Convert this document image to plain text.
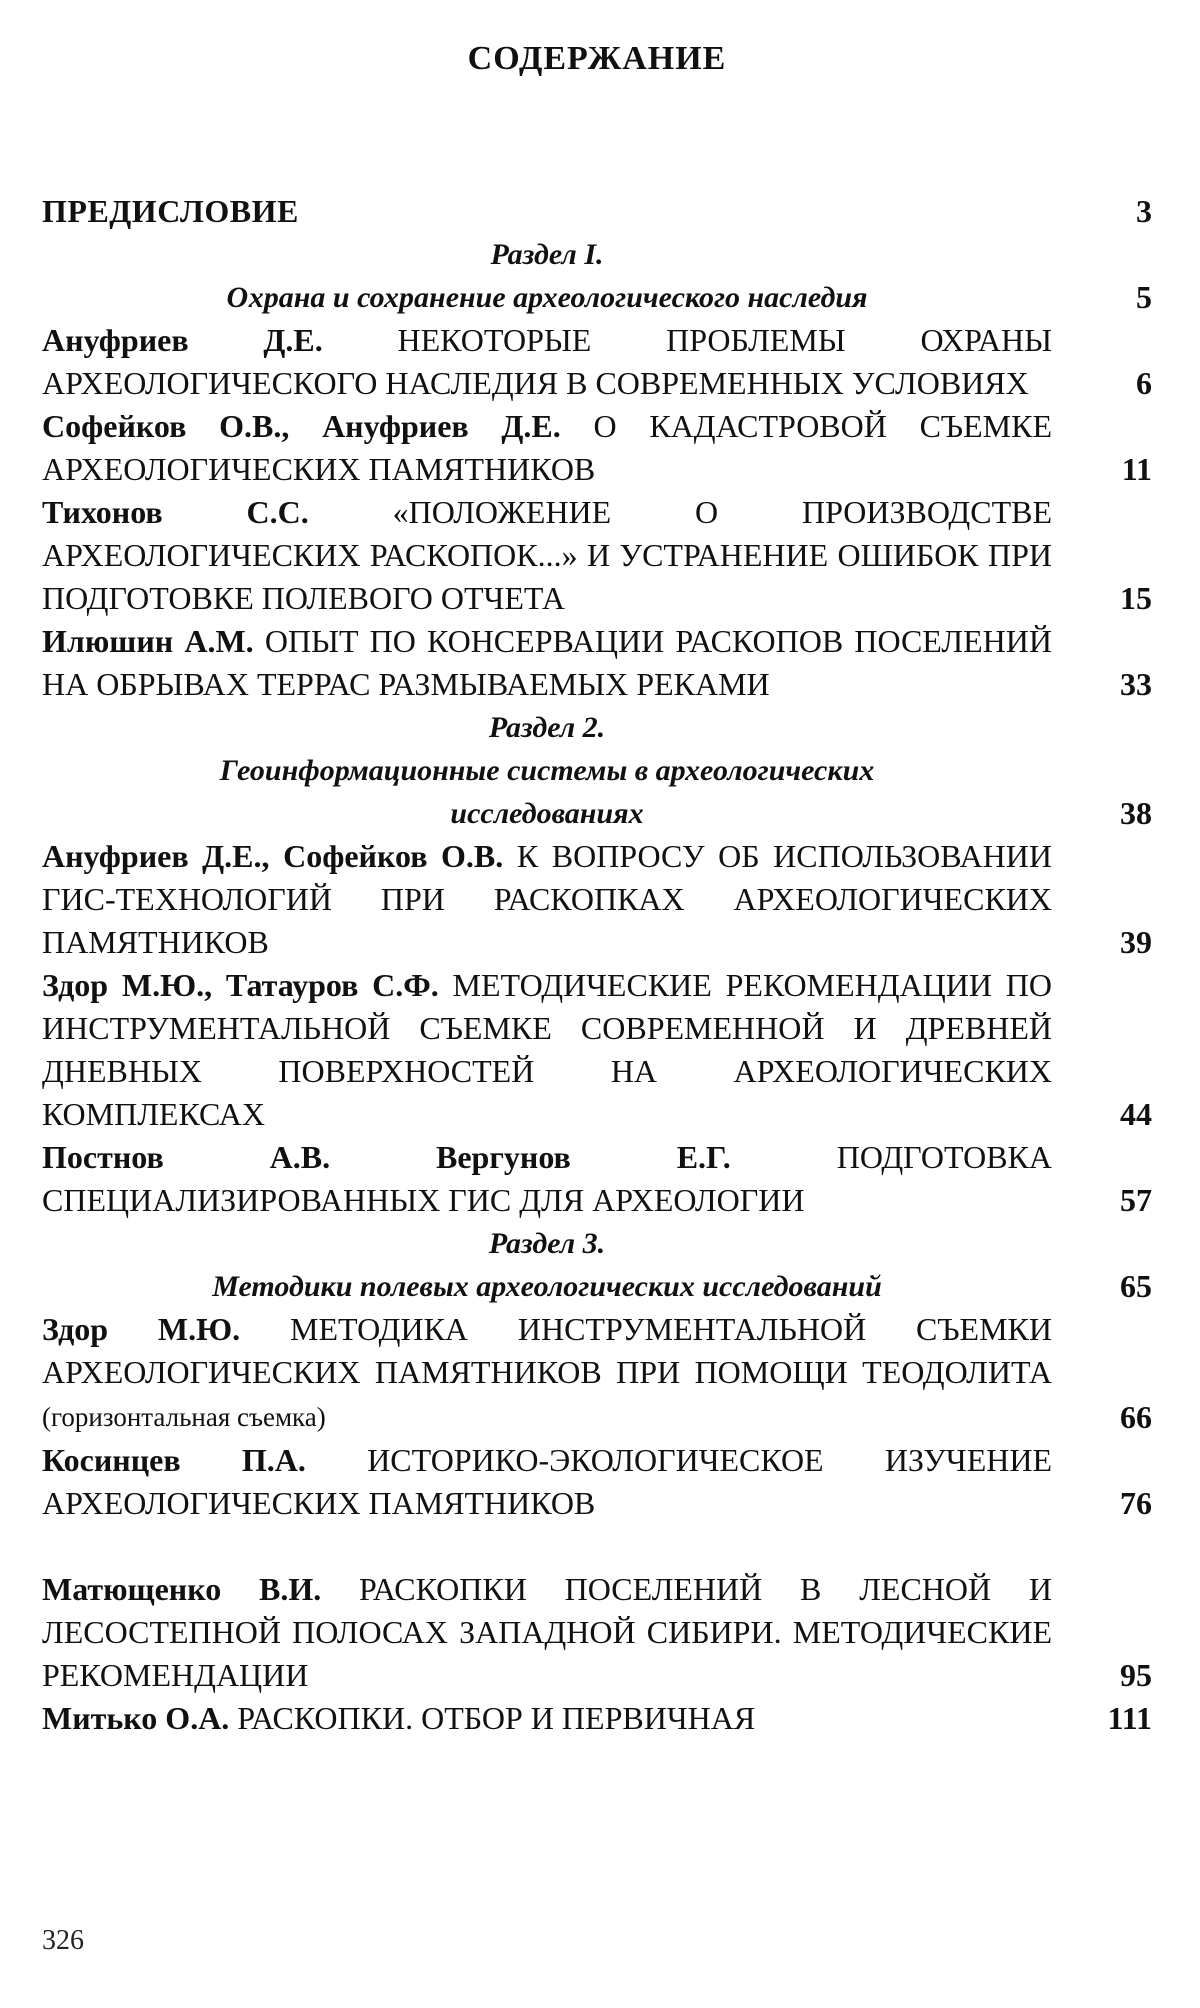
СОДЕРЖАНИЕ
ПРЕДИСЛОВИЕ	3
Раздел I.
Охрана и сохранение археологического наследия	5
Ануфриев Д.Е. НЕКОТОРЫЕ ПРОБЛЕМЫ ОХРАНЫ АРХЕОЛОГИЧЕСКОГО НАСЛЕДИЯ В СОВРЕМЕННЫХ УСЛОВИЯХ	6
Софейков О.В., Ануфриев Д.Е. О КАДАСТРОВОЙ СЪЕМКЕ АРХЕОЛОГИЧЕСКИХ ПАМЯТНИКОВ	11
Тихонов С.С. «ПОЛОЖЕНИЕ О ПРОИЗВОДСТВЕ АРХЕОЛОГИЧЕСКИХ РАСКОПОК...» И УСТРАНЕНИЕ ОШИБОК ПРИ ПОДГОТОВКЕ ПОЛЕВОГО ОТЧЕТА	15
Илюшин А.М. ОПЫТ ПО КОНСЕРВАЦИИ РАСКОПОВ ПОСЕЛЕНИЙ НА ОБРЫВАХ ТЕРРАС РАЗМЫВАЕМЫХ РЕКАМИ	33
Раздел 2.
Геоинформационные системы в археологических
исследованиях	38
Ануфриев Д.Е., Софейков О.В. К ВОПРОСУ ОБ ИСПОЛЬЗОВАНИИ ГИС-ТЕХНОЛОГИЙ ПРИ РАСКОПКАХ АРХЕОЛОГИЧЕСКИХ ПАМЯТНИКОВ	39
Здор М.Ю., Татауров С.Ф. МЕТОДИЧЕСКИЕ РЕКОМЕНДАЦИИ ПО ИНСТРУМЕНТАЛЬНОЙ СЪЕМКЕ СОВРЕМЕННОЙ И ДРЕВНЕЙ ДНЕВНЫХ ПОВЕРХНОСТЕЙ НА АРХЕОЛОГИЧЕСКИХ КОМПЛЕКСАХ	44
Постнов А.В. Вергунов Е.Г. ПОДГОТОВКА СПЕЦИАЛИЗИРОВАННЫХ ГИС ДЛЯ АРХЕОЛОГИИ	57
Раздел 3.
Методики полевых археологических исследований	65
Здор М.Ю. МЕТОДИКА ИНСТРУМЕНТАЛЬНОЙ СЪЕМКИ АРХЕОЛОГИЧЕСКИХ ПАМЯТНИКОВ ПРИ ПОМОЩИ ТЕОДОЛИТА (горизонтальная съемка)	66
Косинцев П.А. ИСТОРИКО-ЭКОЛОГИЧЕСКОЕ ИЗУЧЕНИЕ АРХЕОЛОГИЧЕСКИХ ПАМЯТНИКОВ	76
Матющенко В.И. РАСКОПКИ ПОСЕЛЕНИЙ В ЛЕСНОЙ И ЛЕСОСТЕПНОЙ ПОЛОСАХ ЗАПАДНОЙ СИБИРИ. МЕТОДИЧЕСКИЕ РЕКОМЕНДАЦИИ	95
Митько О.А. РАСКОПКИ. ОТБОР И ПЕРВИЧНАЯ	111
326
